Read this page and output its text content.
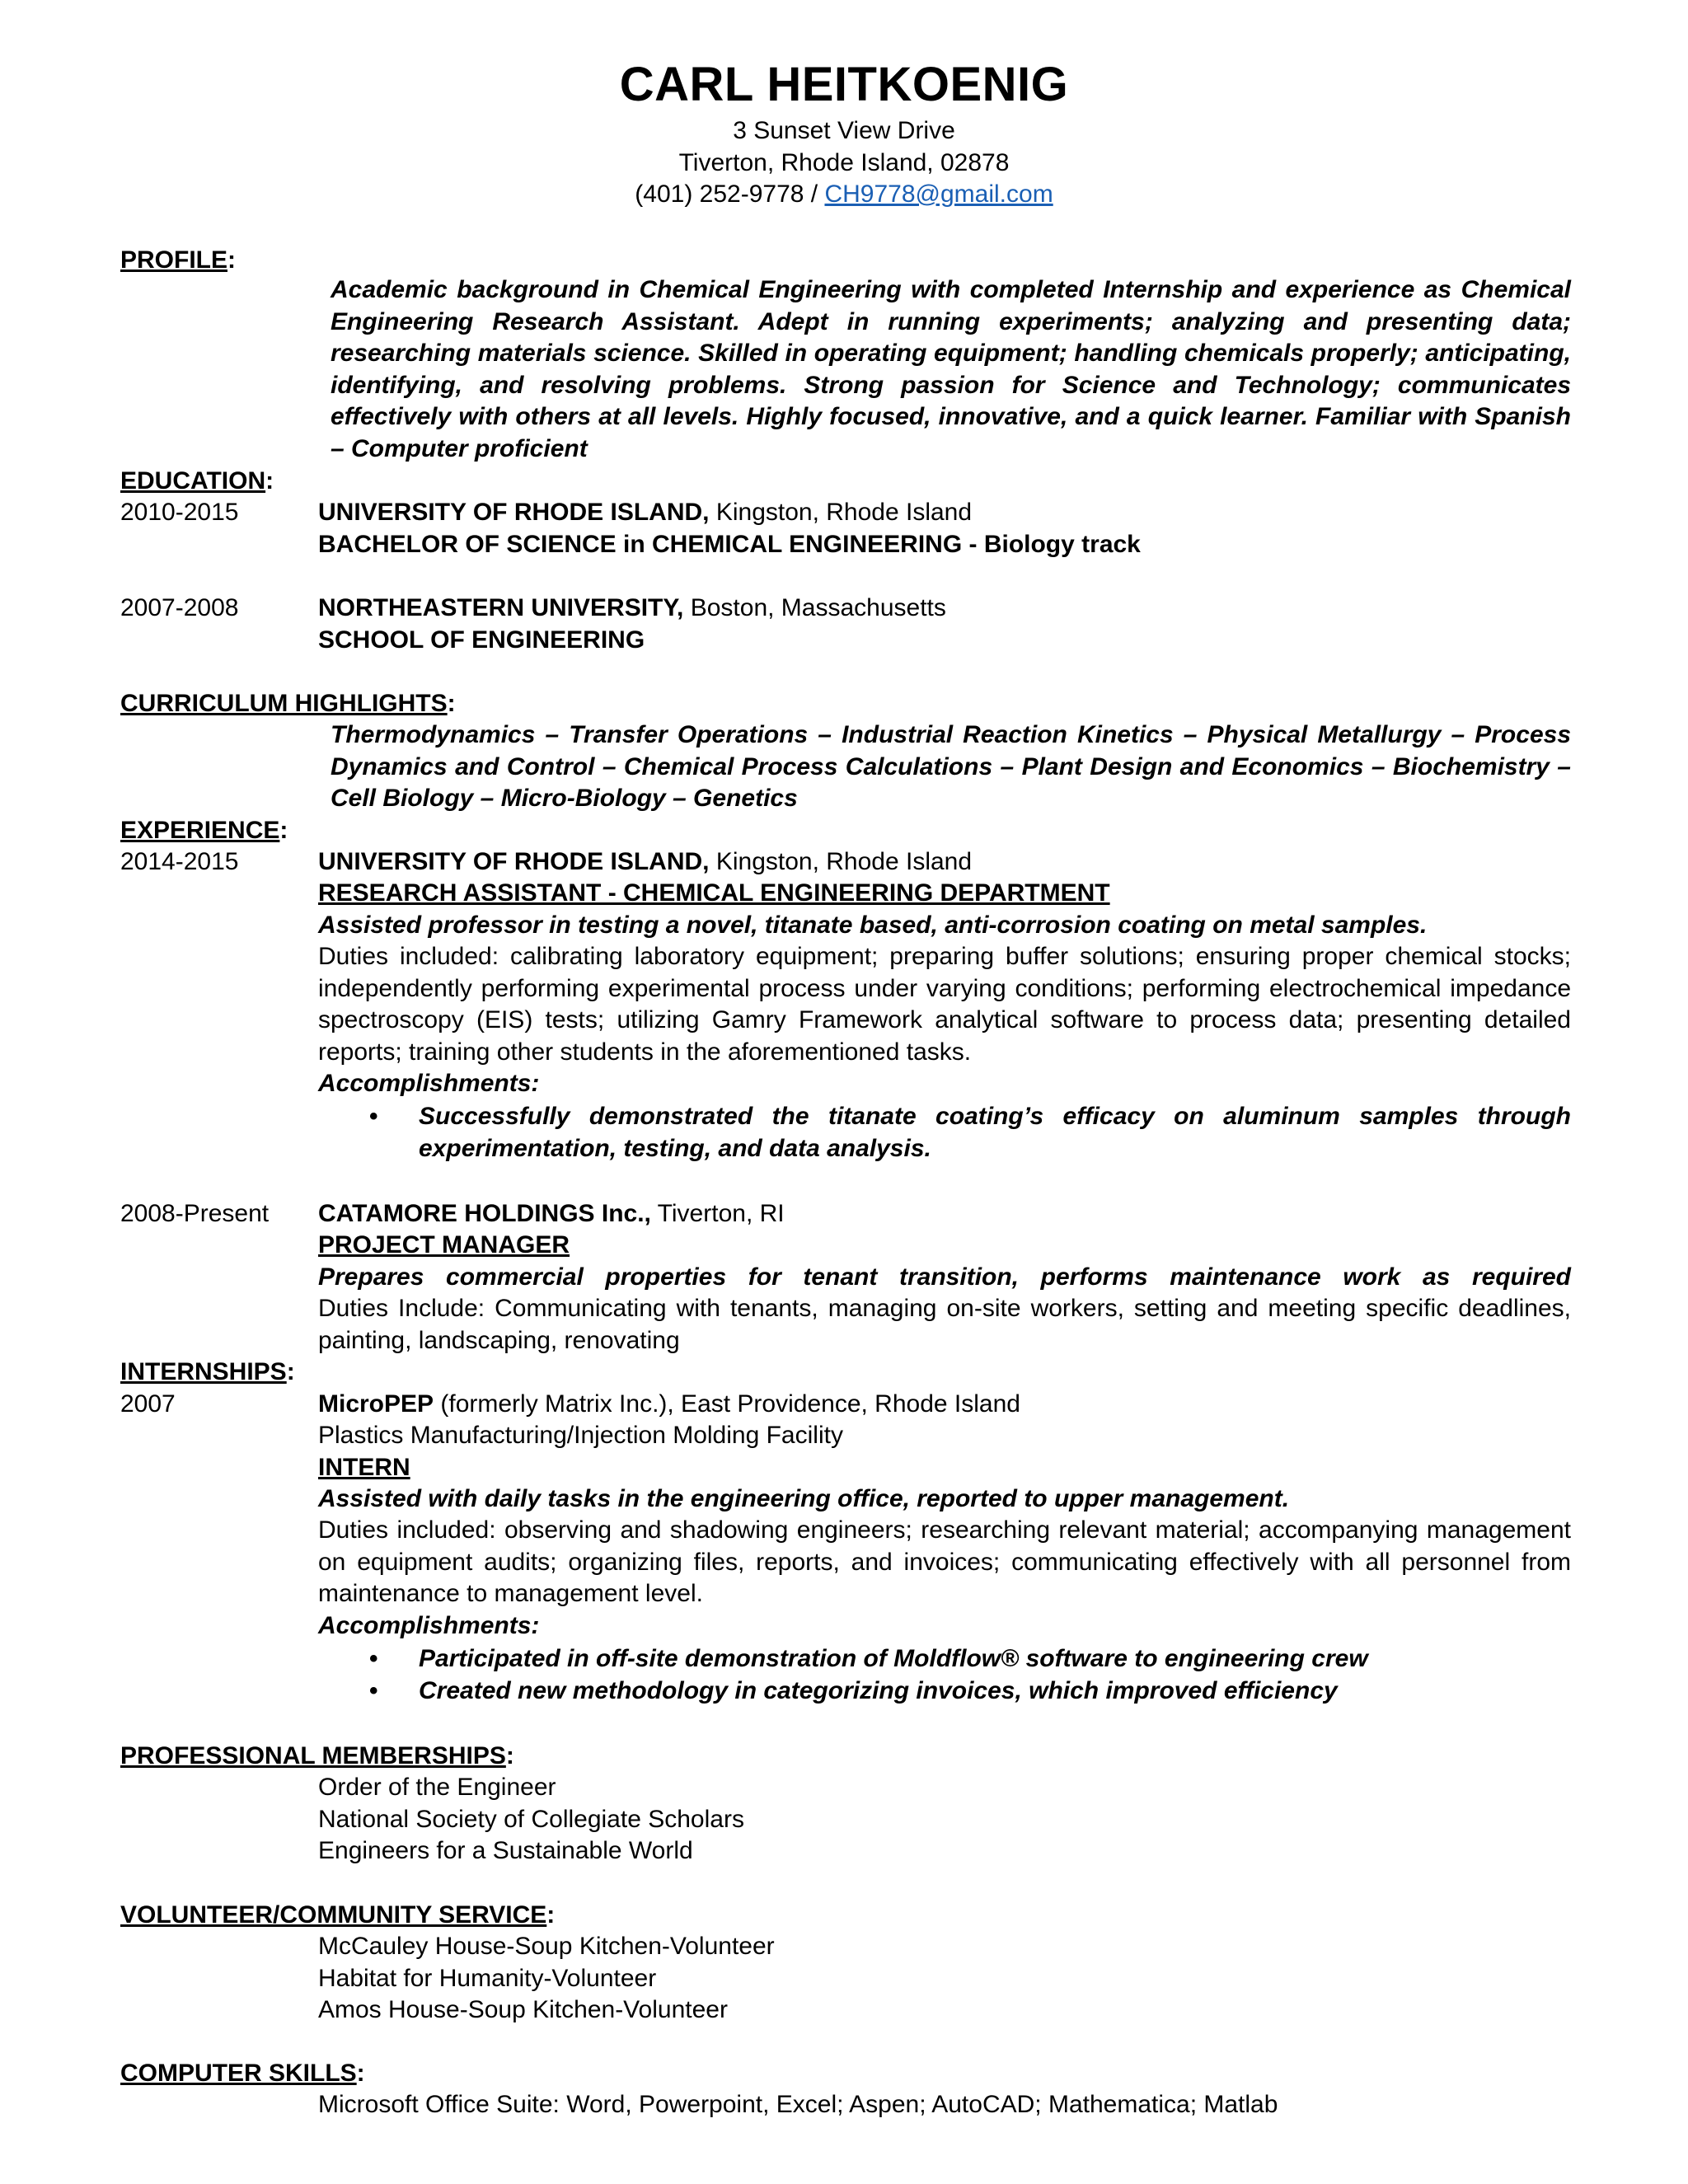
CARL HEITKOENIG
3 Sunset View Drive
Tiverton, Rhode Island, 02878
(401) 252-9778 / CH9778@gmail.com
PROFILE:
Academic background in Chemical Engineering with completed Internship and experience as Chemical Engineering Research Assistant. Adept in running experiments; analyzing and presenting data; researching materials science. Skilled in operating equipment; handling chemicals properly; anticipating, identifying, and resolving problems. Strong passion for Science and Technology; communicates effectively with others at all levels. Highly focused, innovative, and a quick learner. Familiar with Spanish – Computer proficient
EDUCATION:
2010-2015	UNIVERSITY OF RHODE ISLAND, Kingston, Rhode Island
BACHELOR OF SCIENCE in CHEMICAL ENGINEERING - Biology track
2007-2008	NORTHEASTERN UNIVERSITY, Boston, Massachusetts
SCHOOL OF ENGINEERING
CURRICULUM HIGHLIGHTS:
Thermodynamics – Transfer Operations – Industrial Reaction Kinetics – Physical Metallurgy – Process Dynamics and Control – Chemical Process Calculations – Plant Design and Economics – Biochemistry – Cell Biology – Micro-Biology – Genetics
EXPERIENCE:
2014-2015	UNIVERSITY OF RHODE ISLAND, Kingston, Rhode Island
RESEARCH ASSISTANT - CHEMICAL ENGINEERING DEPARTMENT
Assisted professor in testing a novel, titanate based, anti-corrosion coating on metal samples.
Duties included: calibrating laboratory equipment; preparing buffer solutions; ensuring proper chemical stocks; independently performing experimental process under varying conditions; performing electrochemical impedance spectroscopy (EIS) tests; utilizing Gamry Framework analytical software to process data; presenting detailed reports; training other students in the aforementioned tasks.
Accomplishments:
• Successfully demonstrated the titanate coating’s efficacy on aluminum samples through experimentation, testing, and data analysis.
2008-Present CATAMORE HOLDINGS Inc., Tiverton, RI
PROJECT MANAGER
Prepares commercial properties for tenant transition, performs maintenance work as required
Duties Include: Communicating with tenants, managing on-site workers, setting and meeting specific deadlines, painting, landscaping, renovating
INTERNSHIPS:
2007	MicroPEP (formerly Matrix Inc.), East Providence, Rhode Island
Plastics Manufacturing/Injection Molding Facility
INTERN
Assisted with daily tasks in the engineering office, reported to upper management.
Duties included: observing and shadowing engineers; researching relevant material; accompanying management on equipment audits; organizing files, reports, and invoices; communicating effectively with all personnel from maintenance to management level.
Accomplishments:
• Participated in off-site demonstration of Moldflow® software to engineering crew
• Created new methodology in categorizing invoices, which improved efficiency
PROFESSIONAL MEMBERSHIPS:
Order of the Engineer
National Society of Collegiate Scholars
Engineers for a Sustainable World
VOLUNTEER/COMMUNITY SERVICE:
McCauley House-Soup Kitchen-Volunteer
Habitat for Humanity-Volunteer
Amos House-Soup Kitchen-Volunteer
COMPUTER SKILLS:
Microsoft Office Suite: Word, Powerpoint, Excel; Aspen; AutoCAD; Mathematica; Matlab
